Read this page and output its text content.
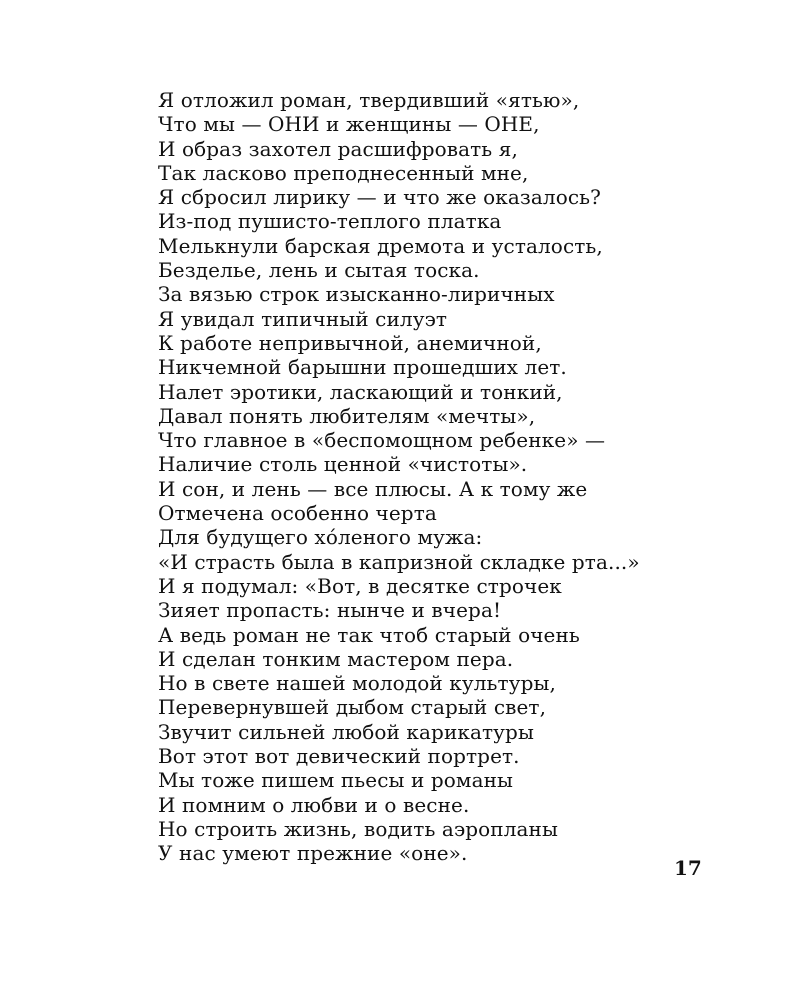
Я отложил роман, твердивший «ятью»,
Что мы — ОНИ и женщины — ОНЕ,
И образ захотел расшифровать я,
Так ласково преподнесенный мне,
Я сбросил лирику — и что же оказалось?
Из-под пушисто-теплого платка
Мелькнули барская дремота и усталость,
Безделье, лень и сытая тоска.
За вязью строк изысканно-лиричных
Я увидал типичный силуэт
К работе непривычной, анемичной,
Никчемной барышни прошедших лет.
Налет эротики, ласкающий и тонкий,
Давал понять любителям «мечты»,
Что главное в «беспомощном ребенке» —
Наличие столь ценной «чистоты».
И сон, и лень — все плюсы. А к тому же
Отмечена особенно черта
Для будущего хо́леного мужа:
«И страсть была в капризной складке рта...»
И я подумал: «Вот, в десятке строчек
Зияет пропасть: нынче и вчера!
А ведь роман не так чтоб старый очень
И сделан тонким мастером пера.
Но в свете нашей молодой культуры,
Перевернувшей дыбом старый свет,
Звучит сильней любой карикатуры
Вот этот вот девический портрет.
Мы тоже пишем пьесы и романы
И помним о любви и о весне.
Но строить жизнь, водить аэропланы
У нас умеют прежние «оне».
17
